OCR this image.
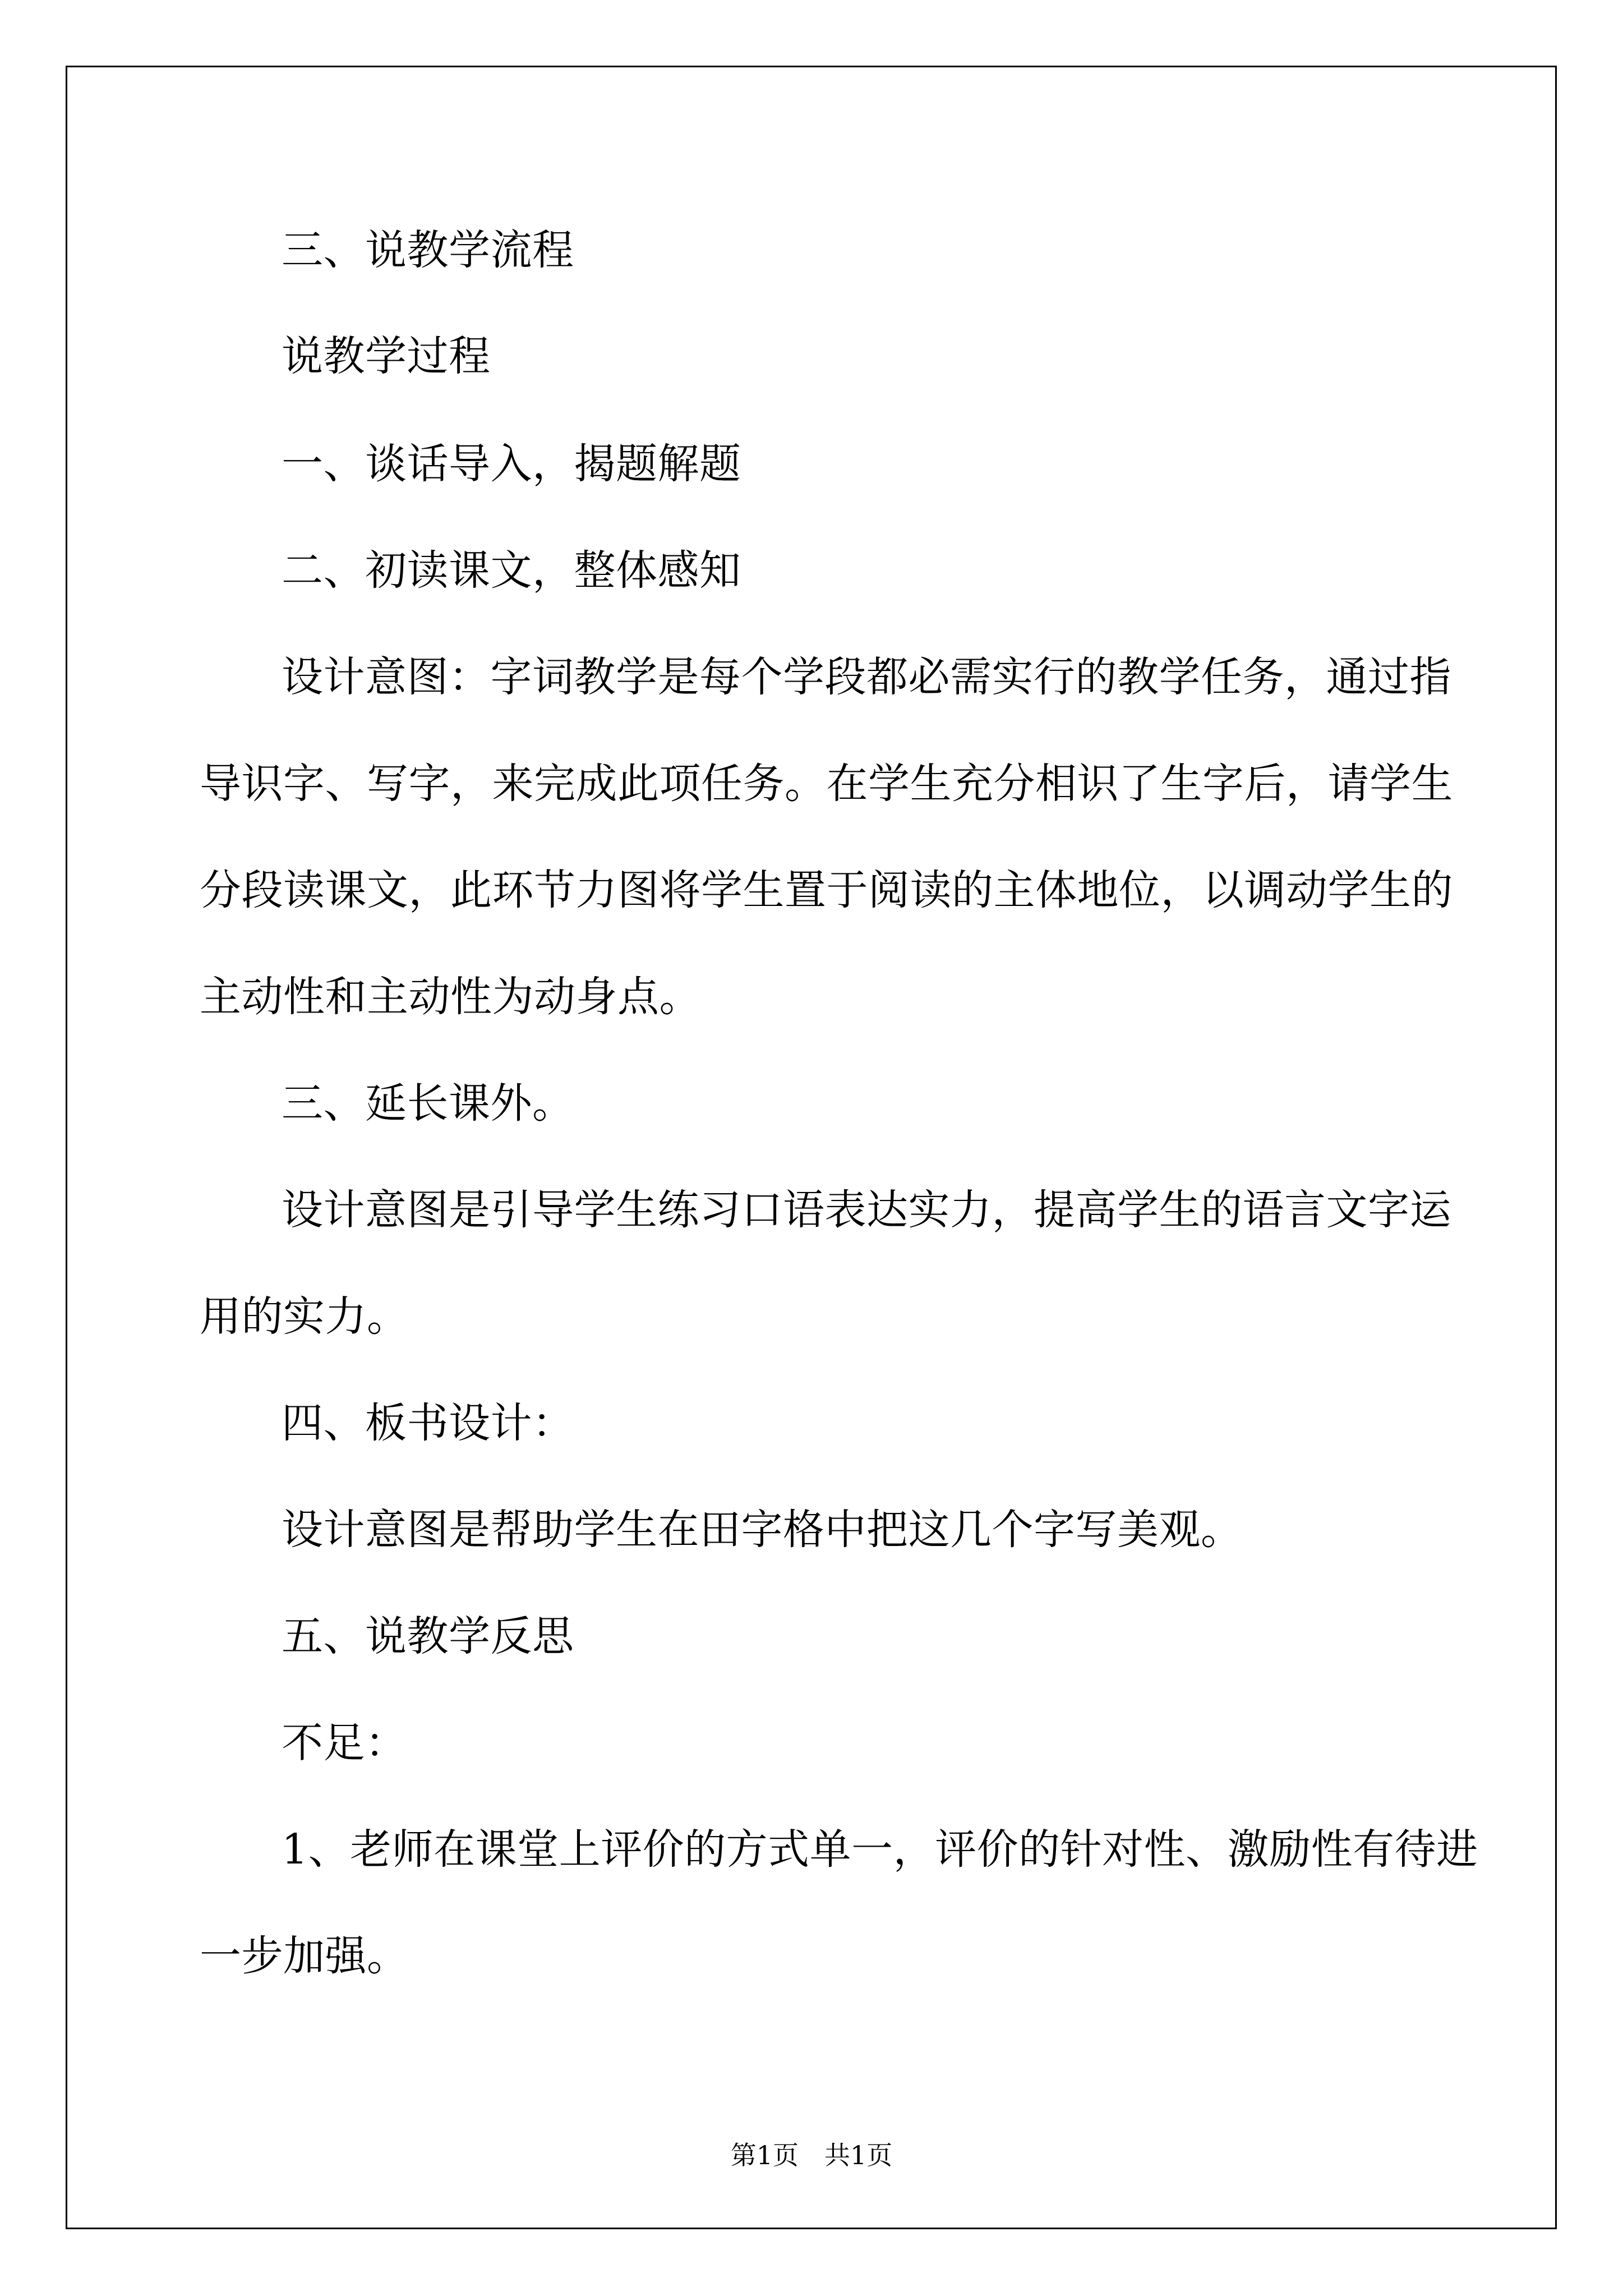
三、说教学流程
说教学过程
一、谈话导入，揭题解题
二、初读课文，整体感知
设计意图：字词教学是每个学段都必需实行的教学任务，通过指
导识字、写字，来完成此项任务。在学生充分相识了生字后，请学生
分段读课文，此环节力图将学生置于阅读的主体地位，以调动学生的
主动性和主动性为动身点。
三、延长课外。
设计意图是引导学生练习口语表达实力，提高学生的语言文字运
用的实力。
四、板书设计：
设计意图是帮助学生在田字格中把这几个字写美观。
五、说教学反思
不足：
1、老师在课堂上评价的方式单一，评价的针对性、激励性有待进
一步加强。
第1页　共1页
